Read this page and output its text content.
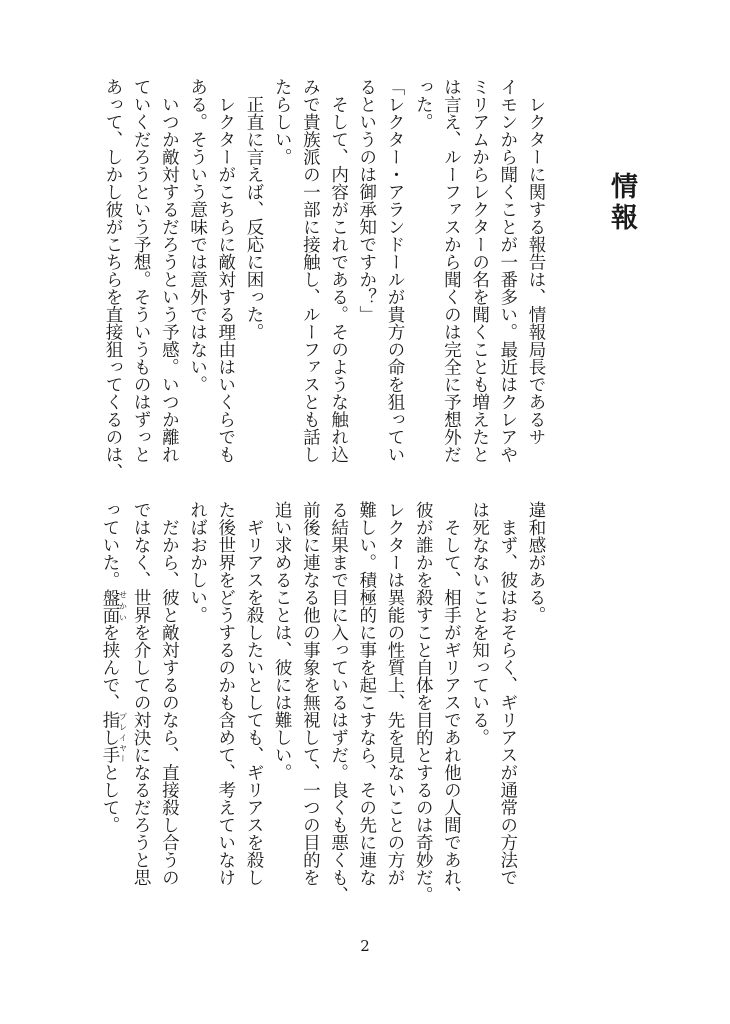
情報
　レクターに関する報告は、情報局長であるサ
イモンから聞くことが一番多い。最近はクレアや
ミリアムからレクターの名を聞くことも増えたと
は言え、ルーファスから聞くのは完全に予想外だ
った。
「レクター・アランドールが貴方の命を狙ってい
るというのは御承知ですか？」
　そして、内容がこれである。そのような触れ込
みで貴族派の一部に接触し、ルーファスとも話し
たらしい。
　正直に言えば、反応に困った。
　レクターがこちらに敵対する理由はいくらでも
ある。そういう意味では意外ではない。
　いつか敵対するだろうという予感。いつか離れ
ていくだろうという予想。そういうものはずっと
あって、しかし彼がこちらを直接狙ってくるのは、
違和感がある。
　まず、彼はおそらく、ギリアスが通常の方法で
は死なないことを知っている。
　そして、相手がギリアスであれ他の人間であれ、
彼が誰かを殺すこと自体を目的とするのは奇妙だ。
レクターは異能の性質上、先を見ないことの方が
難しい。積極的に事を起こすなら、その先に連な
る結果まで目に入っているはずだ。良くも悪くも、
前後に連なる他の事象を無視して、一つの目的を
追い求めることは、彼には難しい。
　ギリアスを殺したいとしても、ギリアスを殺し
た後世界をどうするのかも含めて、考えていなけ
ればおかしい。
　だから、彼と敵対するのなら、直接殺し合うの
ではなく、世界を介しての対決になるだろうと思
っていた。盤面せかいを挟んで、指し手プレイヤーとして。
2
